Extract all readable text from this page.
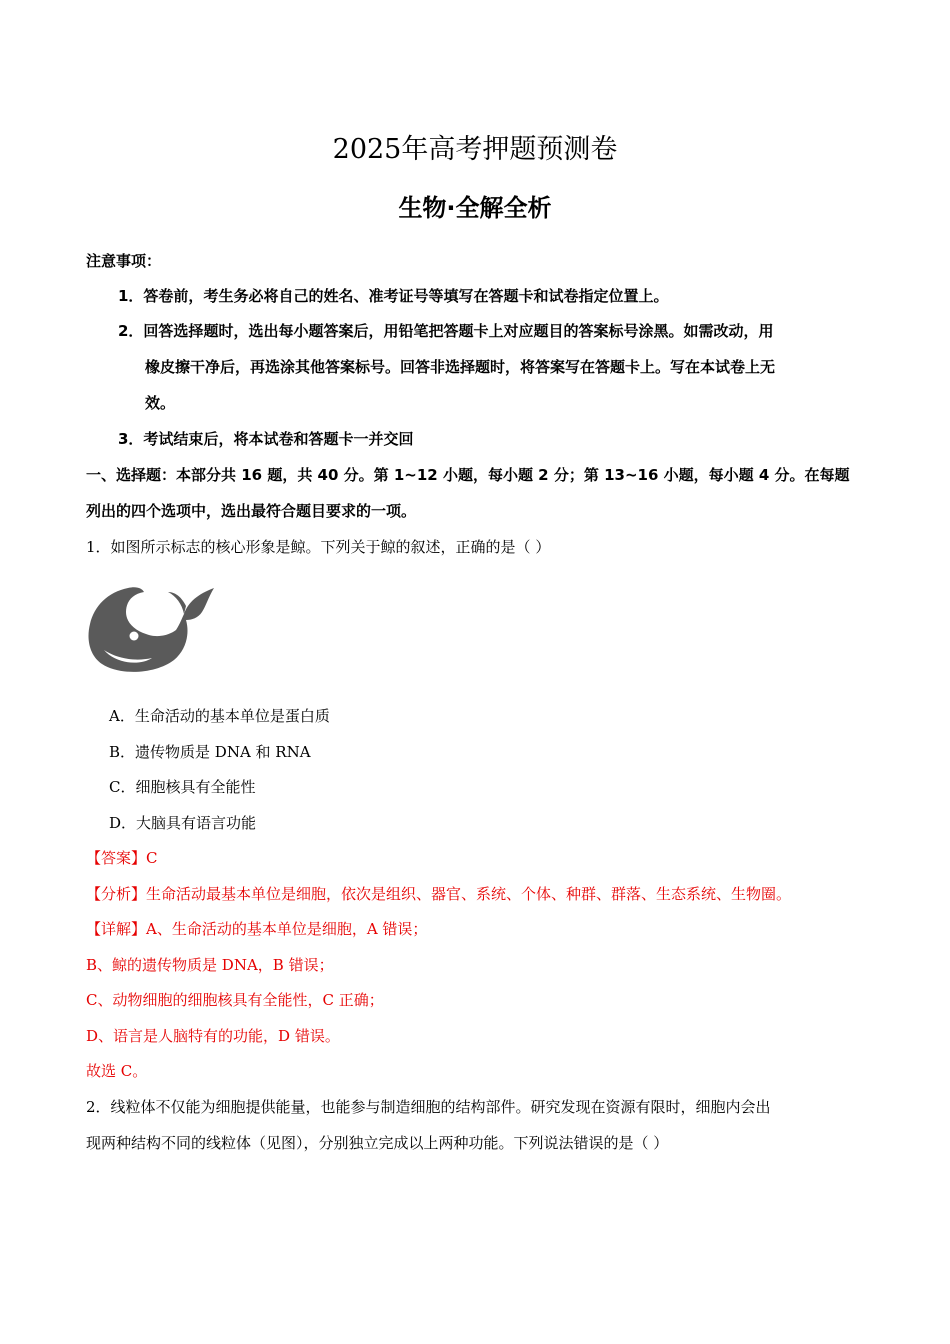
2025年高考押题预测卷
生物·全解全析
注意事项：
1．答卷前，考生务必将自己的姓名、准考证号等填写在答题卡和试卷指定位置上。
2．回答选择题时，选出每小题答案后，用铅笔把答题卡上对应题目的答案标号涂黑。如需改动，用
橡皮擦干净后，再选涂其他答案标号。回答非选择题时，将答案写在答题卡上。写在本试卷上无
效。
3．考试结束后，将本试卷和答题卡一并交回
一、选择题：本部分共 16 题，共 40 分。第 1~12 小题，每小题 2 分；第 13~16 小题，每小题 4 分。在每题
列出的四个选项中，选出最符合题目要求的一项。
1．如图所示标志的核心形象是鲸。下列关于鲸的叙述，正确的是（ ）
A．生命活动的基本单位是蛋白质
B．遗传物质是 DNA 和 RNA
C．细胞核具有全能性
D．大脑具有语言功能
【答案】C
【分析】生命活动最基本单位是细胞，依次是组织、器官、系统、个体、种群、群落、生态系统、生物圈。
【详解】A、生命活动的基本单位是细胞，A 错误；
B、鲸的遗传物质是 DNA，B 错误；
C、动物细胞的细胞核具有全能性，C 正确；
D、语言是人脑特有的功能，D 错误。
故选 C。
2．线粒体不仅能为细胞提供能量，也能参与制造细胞的结构部件。研究发现在资源有限时，细胞内会出
现两种结构不同的线粒体（见图），分别独立完成以上两种功能。下列说法错误的是（ ）
